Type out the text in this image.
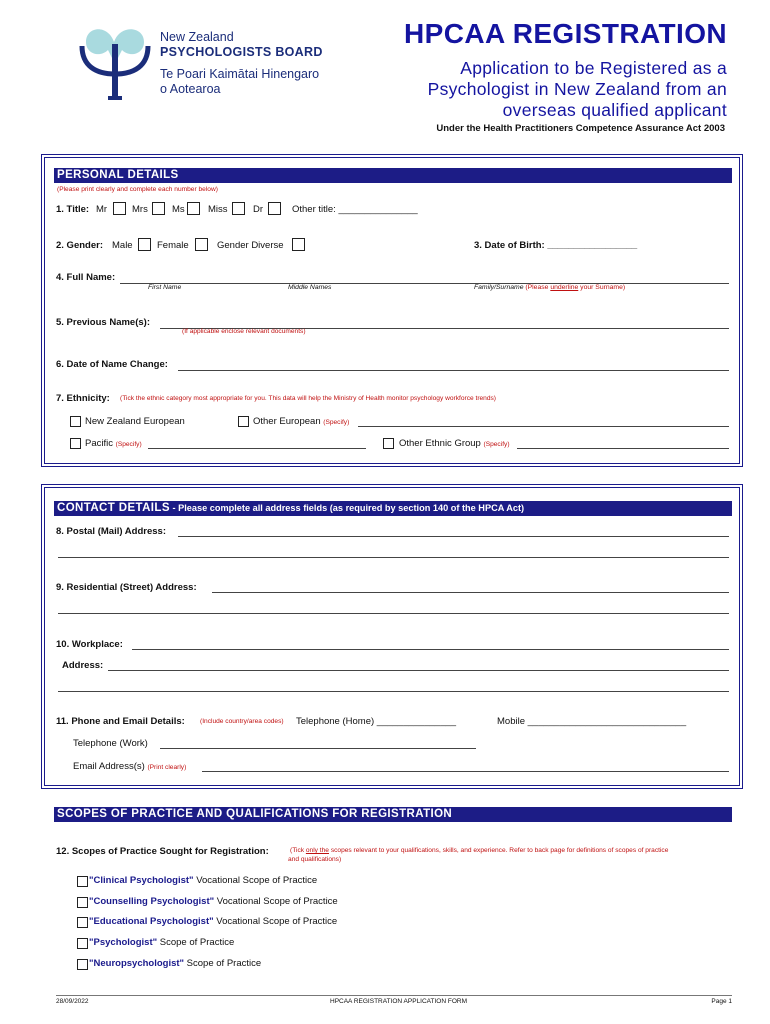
New Zealand
PSYCHOLOGISTS BOARD
Te Poari Kaimātai Hinengaro
o Aotearoa
HPCAA REGISTRATION
Application to be Registered as a
Psychologist in New Zealand from an
overseas qualified applicant
Under the Health Practitioners Competence Assurance Act 2003
PERSONAL DETAILS
(Please print clearly and complete each number below)
1. Title: Mr	Mrs	Ms Miss	Dr	Other title: _______________
2. Gender: Male	Female	Gender Diverse	3. Date of Birth: _________________
4. Full Name:
First Name	Middle Names	Family/Surname (Please underline your Surname)
5. Previous Name(s):
(If applicable enclose relevant documents)
6. Date of Name Change:
7. Ethnicity: (Tick the ethnic category most appropriate for you. This data will help the Ministry of Health monitor psychology workforce trends)
New Zealand European	Other European (Specify)
Pacific (Specify)	Other Ethnic Group (Specify)
CONTACT DETAILS - Please complete all address fields (as required by section 140 of the HPCA Act)
8. Postal (Mail) Address:
9. Residential (Street) Address:
10. Workplace:
Address:
11. Phone and Email Details: (Include country/area codes) Telephone (Home) _______________	Mobile ______________________________
Telephone (Work)
Email Address(s) (Print clearly)
SCOPES OF PRACTICE AND QUALIFICATIONS FOR REGISTRATION
12. Scopes of Practice Sought for Registration:	(Tick only the scopes relevant to your qualifications, skills, and experience. Refer to back page for definitions of scopes of practice
and qualifications)
"Clinical Psychologist" Vocational Scope of Practice
"Counselling Psychologist" Vocational Scope of Practice
"Educational Psychologist" Vocational Scope of Practice
"Psychologist" Scope of Practice
"Neuropsychologist" Scope of Practice
28/09/2022	HPCAA REGISTRATION APPLICATION FORM	Page 1
